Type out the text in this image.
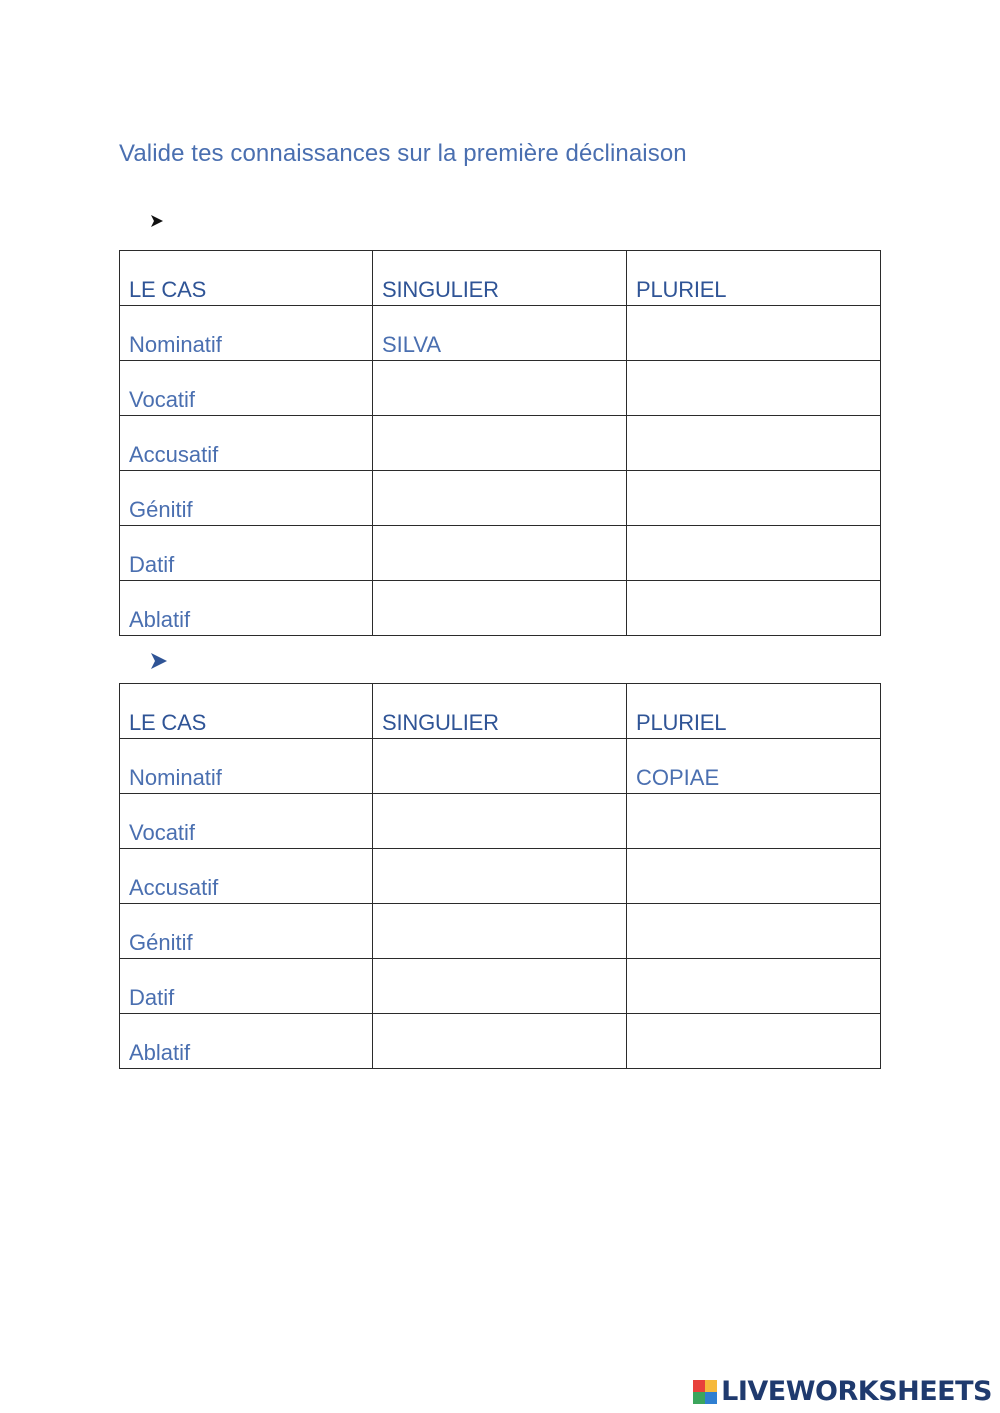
Valide tes connaissances sur la première déclinaison
LE CAS	SINGULIER	PLURIEL
Nominatif	SILVA	
Vocatif		
Accusatif		
Génitif		
Datif		
Ablatif		
LE CAS	SINGULIER	PLURIEL
Nominatif		COPIAE
Vocatif		
Accusatif		
Génitif		
Datif		
Ablatif		
LIVEWORKSHEETS
